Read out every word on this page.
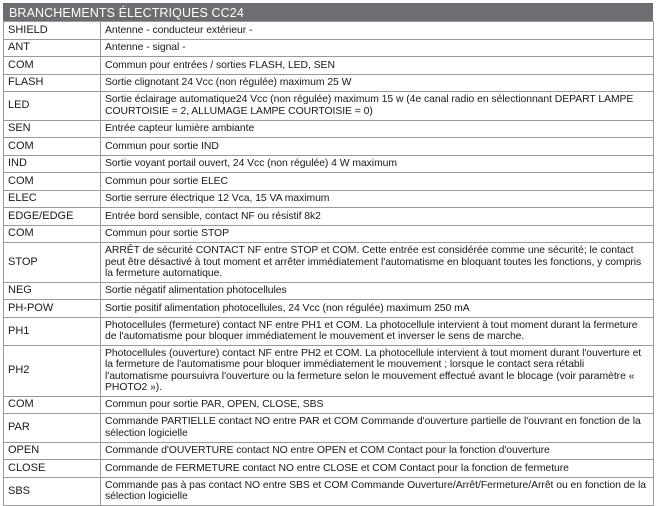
BRANCHEMENTS ÉLECTRIQUES CC24
SHIELD	Antenne - conducteur extérieur -
ANT	Antenne - signal -
COM	Commun pour entrées / sorties FLASH, LED, SEN
FLASH	Sortie clignotant 24 Vcc (non régulée) maximum 25 W
LED	Sortie éclairage automatique24 Vcc (non régulée) maximum 15 w (4e canal radio en sélectionnant DEPART LAMPE COURTOISIE = 2, ALLUMAGE LAMPE COURTOISIE = 0)
SEN	Entrée capteur lumière ambiante
COM	Commun pour sortie IND
IND	Sortie voyant portail ouvert, 24 Vcc (non régulée) 4 W maximum
COM	Commun pour sortie ELEC
ELEC	Sortie serrure électrique 12 Vca, 15 VA maximum
EDGE/EDGE	Entrée bord sensible, contact NF ou résistif 8k2
COM	Commun pour sortie STOP
STOP	ARRÊT de sécurité CONTACT NF entre STOP et COM. Cette entrée est considérée comme une sécurité; le contact peut être désactivé à tout moment et arrêter immédiatement l'automatisme en bloquant toutes les fonctions, y compris la fermeture automatique.
NEG	Sortie négatif alimentation photocellules
PH-POW	Sortie positif alimentation photocellules, 24 Vcc (non régulée) maximum 250 mA
PH1	Photocellules (fermeture) contact NF entre PH1 et COM. La photocellule intervient à tout moment durant la fermeture de l'automatisme pour bloquer immédiatement le mouvement et inverser le sens de marche.
PH2	Photocellules (ouverture) contact NF entre PH2 et COM. La photocellule intervient à tout moment durant l'ouverture et la fermeture de l'automatisme pour bloquer immédiatement le mouvement ; lorsque le contact sera rétabli l'automatisme poursuivra l'ouverture ou la fermeture selon le mouvement effectué avant le blocage (voir paramètre « PHOTO2 »).
COM	Commun pour sortie PAR, OPEN, CLOSE, SBS
PAR	Commande PARTIELLE contact NO entre PAR et COM Commande d'ouverture partielle de l'ouvrant en fonction de la sélection logicielle
OPEN	Commande d'OUVERTURE contact NO entre OPEN et COM Contact pour la fonction d'ouverture
CLOSE	Commande de FERMETURE contact NO entre CLOSE et COM Contact pour la fonction de fermeture
SBS	Commande pas à pas contact NO entre SBS et COM Commande Ouverture/Arrêt/Fermeture/Arrêt ou en fonction de la sélection logicielle
